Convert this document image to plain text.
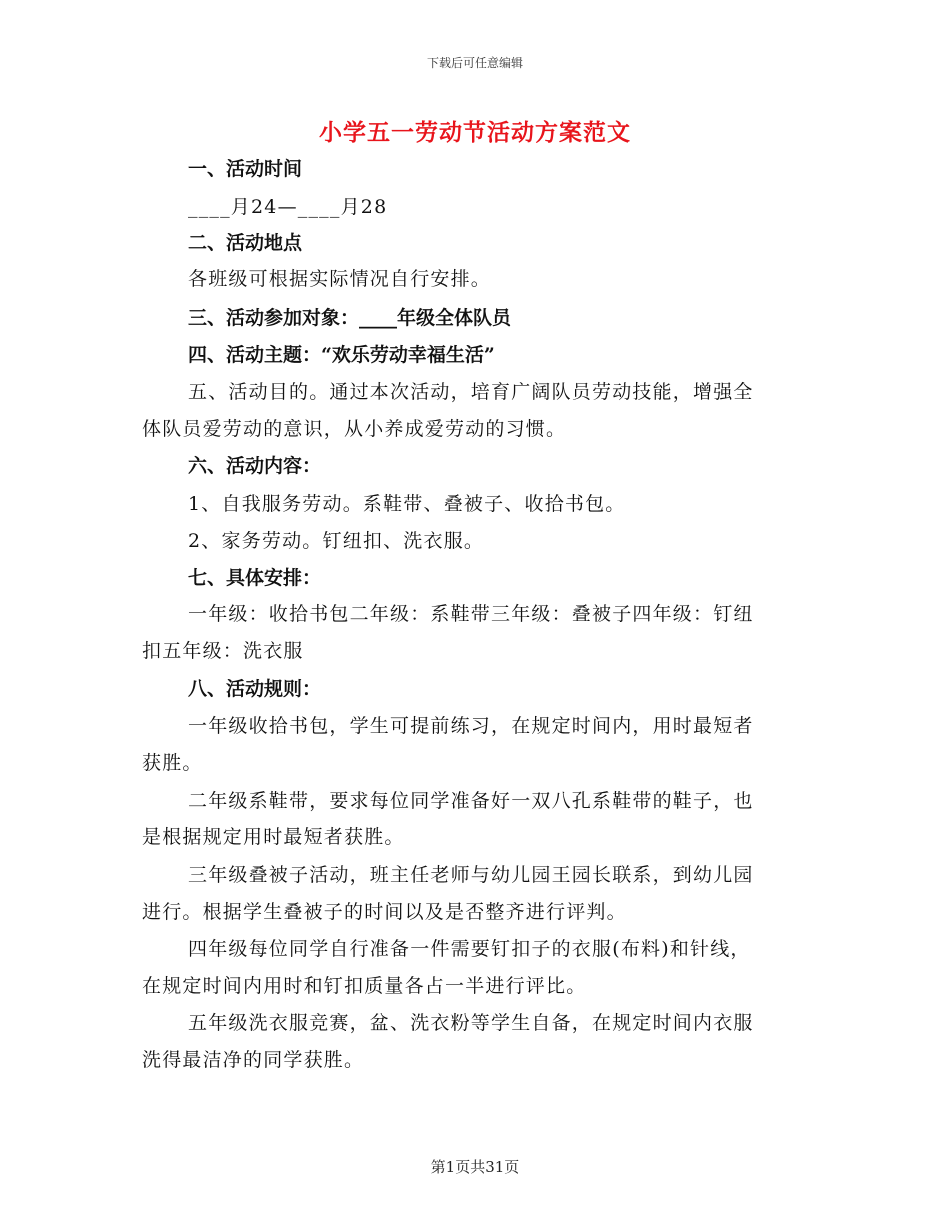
下载后可任意编辑
小学五一劳动节活动方案范文
一、活动时间
____月24—____月28
二、活动地点
各班级可根据实际情况自行安排。
三、活动参加对象：____年级全体队员
四、活动主题：“欢乐劳动幸福生活”
五、活动目的。通过本次活动，培育广阔队员劳动技能，增强全
体队员爱劳动的意识，从小养成爱劳动的习惯。
六、活动内容：
1、自我服务劳动。系鞋带、叠被子、收拾书包。
2、家务劳动。钉纽扣、洗衣服。
七、具体安排：
一年级：收拾书包二年级：系鞋带三年级：叠被子四年级：钉纽
扣五年级：洗衣服
八、活动规则：
一年级收拾书包，学生可提前练习，在规定时间内，用时最短者
获胜。
二年级系鞋带，要求每位同学准备好一双八孔系鞋带的鞋子，也
是根据规定用时最短者获胜。
三年级叠被子活动，班主任老师与幼儿园王园长联系，到幼儿园
进行。根据学生叠被子的时间以及是否整齐进行评判。
四年级每位同学自行准备一件需要钉扣子的衣服(布料)和针线，
在规定时间内用时和钉扣质量各占一半进行评比。
五年级洗衣服竞赛，盆、洗衣粉等学生自备，在规定时间内衣服
洗得最洁净的同学获胜。
第1页共31页
